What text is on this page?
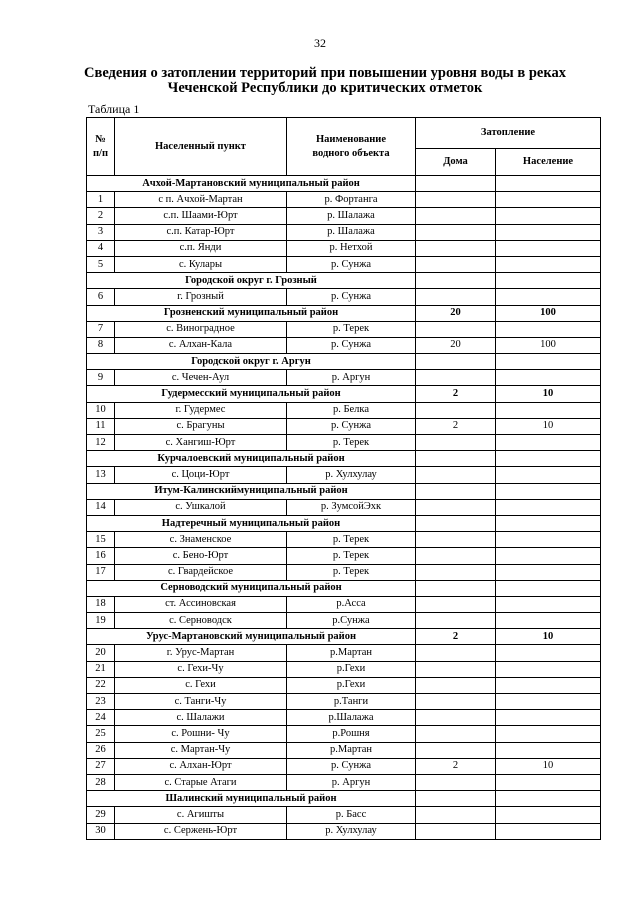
32
Сведения о затоплении территорий при повышении уровня воды в реках
Чеченской Республики до критических отметок
Таблица 1
№ п/п	Населенный пункт	Наименование водного объекта	Затопление	
			Дома	Население
Ачхой-Мартановский муниципальный район				
1	с п. Ачхой-Мартан	р. Фортанга		
2	с.п. Шаами-Юрт	р. Шалажа		
3	с.п. Катар-Юрт	р. Шалажа		
4	с.п. Янди	р. Нетхой		
5	с. Кулары	р. Сунжа		
Городской округ г. Грозный				
6	г. Грозный	р. Сунжа		
Грозненский муниципальный район			20	100
7	с. Виноградное	р. Терек		
8	с. Алхан-Кала	р. Сунжа	20	100
Городской округ г. Аргун				
9	с. Чечен-Аул	р. Аргун		
Гудермесский муниципальный район			2	10
10	г. Гудермес	р. Белка		
11	с. Брагуны	р. Сунжа	2	10
12	с. Хангиш-Юрт	р. Терек		
Курчалоевский муниципальный район				
13	с. Цоци-Юрт	р. Хулхулау		
Итум-Калинскиймуниципальный район				
14	с. Ушкалой	р. ЗумсойЭхк		
Надтеречный муниципальный район				
15	с. Знаменское	р. Терек		
16	с. Бено-Юрт	р. Терек		
17	с. Гвардейское	р. Терек		
Серноводский муниципальный район				
18	ст. Ассиновская	р.Асса		
19	с. Серноводск	р.Сунжа		
Урус-Мартановский муниципальный район			2	10
20	г. Урус-Мартан	р.Мартан		
21	с. Гехи-Чу	р.Гехи		
22	с. Гехи	р.Гехи		
23	с. Танги-Чу	р.Танги		
24	с. Шалажи	р.Шалажа		
25	с. Рошни- Чу	р.Рошня		
26	с. Мартан-Чу	р.Мартан		
27	с. Алхан-Юрт	р. Сунжа	2	10
28	с. Старые Атаги	р. Аргун		
Шалинский муниципальный район				
29	с. Агишты	р. Басс		
30	с. Сержень-Юрт	р. Хулхулау		
